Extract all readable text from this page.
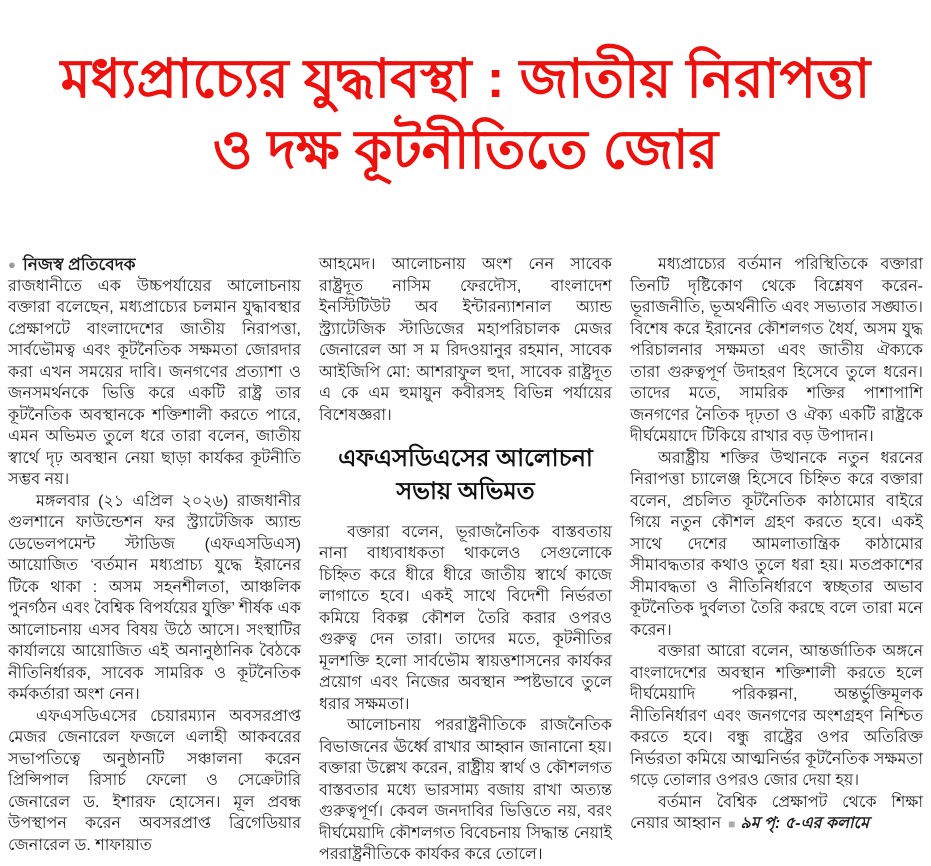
মধ্যপ্রাচ্যের যুদ্ধাবস্থা : জাতীয় নিরাপত্তা
ও দক্ষ কূটনীতিতে জোর

● নিজস্ব প্রতিবেদক

রাজধানীতে এক উচ্চপর্যায়ের আলোচনায় বক্তারা বলেছেন, মধ্যপ্রাচ্যের চলমান যুদ্ধাবস্থার প্রেক্ষাপটে বাংলাদেশের জাতীয় নিরাপত্তা, সার্বভৌমত্ব এবং কূটনৈতিক সক্ষমতা জোরদার করা এখন সময়ের দাবি। জনগণের প্রত্যাশা ও জনসমর্থনকে ভিত্তি করে একটি রাষ্ট্র তার কূটনৈতিক অবস্থানকে শক্তিশালী করতে পারে, এমন অভিমত তুলে ধরে তারা বলেন, জাতীয় স্বার্থে দৃঢ় অবস্থান নেয়া ছাড়া কার্যকর কূটনীতি সম্ভব নয়।

মঙ্গলবার (২১ এপ্রিল ২০২৬) রাজধানীর গুলশানে ফাউন্ডেশন ফর স্ট্র্যাটেজিক অ্যান্ড ডেভেলপমেন্ট স্টাডিজ (এফএসডিএস) আয়োজিত ‘বর্তমান মধ্যপ্রাচ্য যুদ্ধে ইরানের টিকে থাকা : অসম সহনশীলতা, আঞ্চলিক পুনর্গঠন এবং বৈশ্বিক বিপর্যয়ের যুক্তি’ শীর্ষক এক আলোচনায় এসব বিষয় উঠে আসে। সংস্থাটির কার্যালয়ে আয়োজিত এই অনানুষ্ঠানিক বৈঠকে নীতিনির্ধারক, সাবেক সামরিক ও কূটনৈতিক কর্মকর্তারা অংশ নেন।

এফএসডিএসের চেয়ারম্যান অবসরপ্রাপ্ত মেজর জেনারেল ফজলে এলাহী আকবরের সভাপতিত্বে অনুষ্ঠানটি সঞ্চালনা করেন প্রিন্সিপাল রিসার্চ ফেলো ও সেক্রেটারি জেনারেল ড. ইশারফ হোসেন। মূল প্রবন্ধ উপস্থাপন করেন অবসরপ্রাপ্ত ব্রিগেডিয়ার জেনারেল ড. শাফায়াত

আহমেদ। আলোচনায় অংশ নেন সাবেক রাষ্ট্রদূত নাসিম ফেরদৌস, বাংলাদেশ ইনস্টিটিউট অব ইন্টারন্যাশনাল অ্যান্ড স্ট্র্যাটেজিক স্টাডিজের মহাপরিচালক মেজর জেনারেল আ স ম রিদওয়ানুর রহমান, সাবেক আইজিপি মো: আশরাফুল হুদা, সাবেক রাষ্ট্রদূত এ কে এম হুমায়ুন কবীরসহ বিভিন্ন পর্যায়ের বিশেষজ্ঞরা।

এফএসডিএসের আলোচনা
সভায় অভিমত

বক্তারা বলেন, ভূরাজনৈতিক বাস্তবতায় নানা বাধ্যবাধকতা থাকলেও সেগুলোকে চিহ্নিত করে ধীরে ধীরে জাতীয় স্বার্থে কাজে লাগাতে হবে। একই সাথে বিদেশী নির্ভরতা কমিয়ে বিকল্প কৌশল তৈরি করার ওপরও গুরুত্ব দেন তারা। তাদের মতে, কূটনীতির মূলশক্তি হলো সার্বভৌম স্বায়ত্তশাসনের কার্যকর প্রয়োগ এবং নিজের অবস্থান স্পষ্টভাবে তুলে ধরার সক্ষমতা।

আলোচনায় পররাষ্ট্রনীতিকে রাজনৈতিক বিভাজনের ঊর্ধ্বে রাখার আহ্বান জানানো হয়। বক্তারা উল্লেখ করেন, রাষ্ট্রীয় স্বার্থ ও কৌশলগত বাস্তবতার মধ্যে ভারসাম্য বজায় রাখা অত্যন্ত গুরুত্বপূর্ণ। কেবল জনদাবির ভিত্তিতে নয়, বরং দীর্ঘমেয়াদি কৌশলগত বিবেচনায় সিদ্ধান্ত নেয়াই পররাষ্ট্রনীতিকে কার্যকর করে তোলে।

মধ্যপ্রাচ্যের বর্তমান পরিস্থিতিকে বক্তারা তিনটি দৃষ্টিকোণ থেকে বিশ্লেষণ করেন- ভূরাজনীতি, ভূঅর্থনীতি এবং সভ্যতার সঙ্ঘাত। বিশেষ করে ইরানের কৌশলগত ধৈর্য, অসম যুদ্ধ পরিচালনার সক্ষমতা এবং জাতীয় ঐক্যকে তারা গুরুত্বপূর্ণ উদাহরণ হিসেবে তুলে ধরেন। তাদের মতে, সামরিক শক্তির পাশাপাশি জনগণের নৈতিক দৃঢ়তা ও ঐক্য একটি রাষ্ট্রকে দীর্ঘমেয়াদে টিকিয়ে রাখার বড় উপাদান।

অরাষ্ট্রীয় শক্তির উত্থানকে নতুন ধরনের নিরাপত্তা চ্যালেঞ্জ হিসেবে চিহ্নিত করে বক্তারা বলেন, প্রচলিত কূটনৈতিক কাঠামোর বাইরে গিয়ে নতুন কৌশল গ্রহণ করতে হবে। একই সাথে দেশের আমলাতান্ত্রিক কাঠামোর সীমাবদ্ধতার কথাও তুলে ধরা হয়। মতপ্রকাশের সীমাবদ্ধতা ও নীতিনির্ধারণে স্বচ্ছতার অভাব কূটনৈতিক দুর্বলতা তৈরি করছে বলে তারা মনে করেন।

বক্তারা আরো বলেন, আন্তর্জাতিক অঙ্গনে বাংলাদেশের অবস্থান শক্তিশালী করতে হলে দীর্ঘমেয়াদি পরিকল্পনা, অন্তর্ভুক্তিমূলক নীতিনির্ধারণ এবং জনগণের অংশগ্রহণ নিশ্চিত করতে হবে। বন্ধু রাষ্ট্রের ওপর অতিরিক্ত নির্ভরতা কমিয়ে আত্মনির্ভর কূটনৈতিক সক্ষমতা গড়ে তোলার ওপরও জোর দেয়া হয়।

বর্তমান বৈশ্বিক প্রেক্ষাপট থেকে শিক্ষা নেয়ার আহ্বান ■ ৯ম পৃ: ৫-এর কলামে
